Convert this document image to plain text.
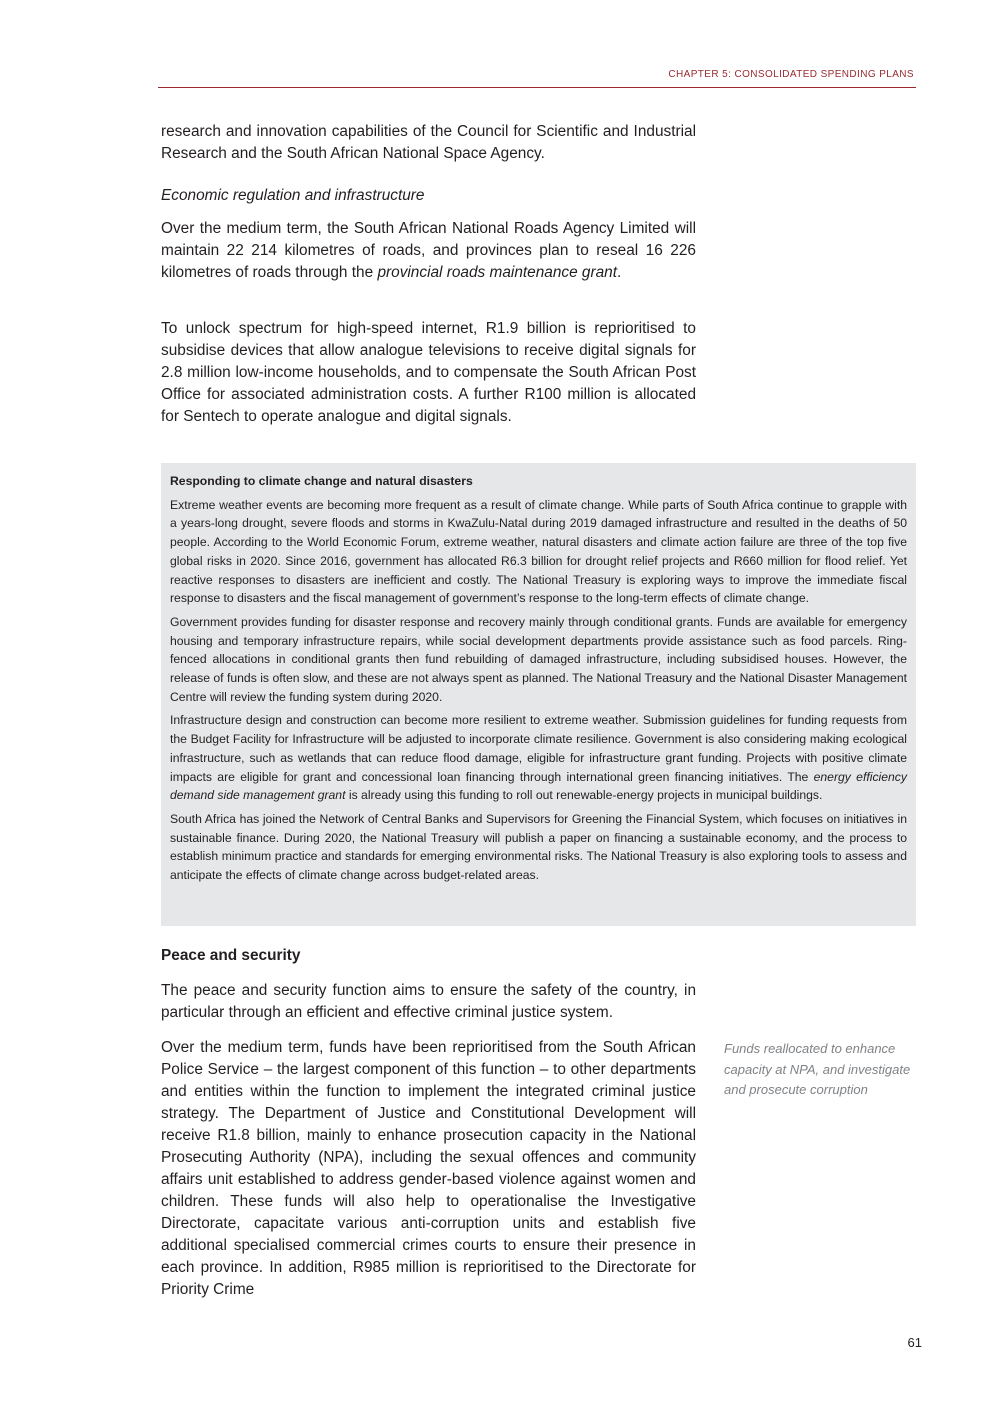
CHAPTER 5: CONSOLIDATED SPENDING PLANS

research and innovation capabilities of the Council for Scientific and Industrial Research and the South African National Space Agency.

Economic regulation and infrastructure

Over the medium term, the South African National Roads Agency Limited will maintain 22 214 kilometres of roads, and provinces plan to reseal 16 226 kilometres of roads through the provincial roads maintenance grant.

To unlock spectrum for high-speed internet, R1.9 billion is reprioritised to subsidise devices that allow analogue televisions to receive digital signals for 2.8 million low-income households, and to compensate the South African Post Office for associated administration costs. A further R100 million is allocated for Sentech to operate analogue and digital signals.

Responding to climate change and natural disasters

Extreme weather events are becoming more frequent as a result of climate change. While parts of South Africa continue to grapple with a years-long drought, severe floods and storms in KwaZulu-Natal during 2019 damaged infrastructure and resulted in the deaths of 50 people. According to the World Economic Forum, extreme weather, natural disasters and climate action failure are three of the top five global risks in 2020. Since 2016, government has allocated R6.3 billion for drought relief projects and R660 million for flood relief. Yet reactive responses to disasters are inefficient and costly. The National Treasury is exploring ways to improve the immediate fiscal response to disasters and the fiscal management of government’s response to the long-term effects of climate change.

Government provides funding for disaster response and recovery mainly through conditional grants. Funds are available for emergency housing and temporary infrastructure repairs, while social development departments provide assistance such as food parcels. Ring-fenced allocations in conditional grants then fund rebuilding of damaged infrastructure, including subsidised houses. However, the release of funds is often slow, and these are not always spent as planned. The National Treasury and the National Disaster Management Centre will review the funding system during 2020.

Infrastructure design and construction can become more resilient to extreme weather. Submission guidelines for funding requests from the Budget Facility for Infrastructure will be adjusted to incorporate climate resilience. Government is also considering making ecological infrastructure, such as wetlands that can reduce flood damage, eligible for infrastructure grant funding. Projects with positive climate impacts are eligible for grant and concessional loan financing through international green financing initiatives. The energy efficiency demand side management grant is already using this funding to roll out renewable-energy projects in municipal buildings.

South Africa has joined the Network of Central Banks and Supervisors for Greening the Financial System, which focuses on initiatives in sustainable finance. During 2020, the National Treasury will publish a paper on financing a sustainable economy, and the process to establish minimum practice and standards for emerging environmental risks. The National Treasury is also exploring tools to assess and anticipate the effects of climate change across budget-related areas.

Peace and security

The peace and security function aims to ensure the safety of the country, in particular through an efficient and effective criminal justice system.

Over the medium term, funds have been reprioritised from the South African Police Service – the largest component of this function – to other departments and entities within the function to implement the integrated criminal justice strategy. The Department of Justice and Constitutional Development will receive R1.8 billion, mainly to enhance prosecution capacity in the National Prosecuting Authority (NPA), including the sexual offences and community affairs unit established to address gender-based violence against women and children. These funds will also help to operationalise the Investigative Directorate, capacitate various anti-corruption units and establish five additional specialised commercial crimes courts to ensure their presence in each province. In addition, R985 million is reprioritised to the Directorate for Priority Crime

Funds reallocated to enhance capacity at NPA, and investigate and prosecute corruption
61
